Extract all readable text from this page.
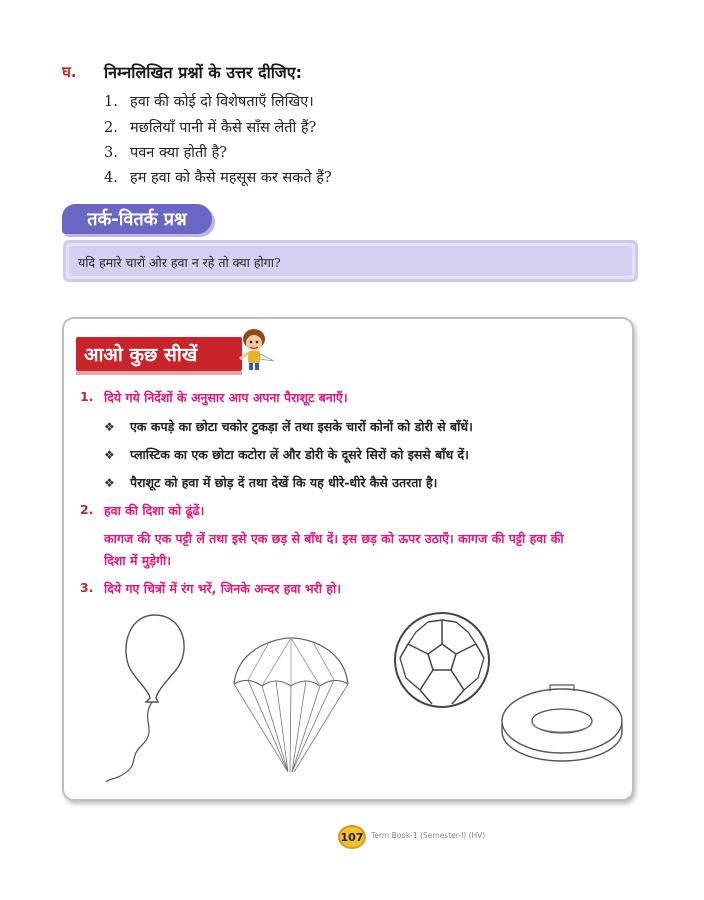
घ. निम्नलिखित प्रश्नों के उत्तर दीजिए:
1. हवा की कोई दो विशेषताएँ लिखिए।
2. मछलियाँ पानी में कैसे साँस लेती हैं?
3. पवन क्या होती है?
4. हम हवा को कैसे महसूस कर सकते हैं?
तर्क-वितर्क प्रश्न
यदि हमारे चारों ओर हवा न रहे तो क्या होगा?
आओ कुछ सीखें
1. दिये गये निर्देशों के अनुसार आप अपना पैराशूट बनाएँ।
❖ एक कपड़े का छोटा चकोर टुकड़ा लें तथा इसके चारों कोनों को डोरी से बाँधें।
❖ प्लास्टिक का एक छोटा कटोरा लें और डोरी के दूसरे सिरों को इससे बाँध दें।
❖ पैराशूट को हवा में छोड़ दें तथा देखें कि यह धीरे-धीरे कैसे उतरता है।
2. हवा की दिशा को ढूंढें।
कागज की एक पट्टी लें तथा इसे एक छड़ से बाँध दें। इस छड़ को ऊपर उठाएँ। कागज की पट्टी हवा की
दिशा में मुड़ेगी।
3. दिये गए चित्रों में रंग भरें, जिनके अन्दर हवा भरी हो।
107	Term Book-1 (Semester-I) (HV)
